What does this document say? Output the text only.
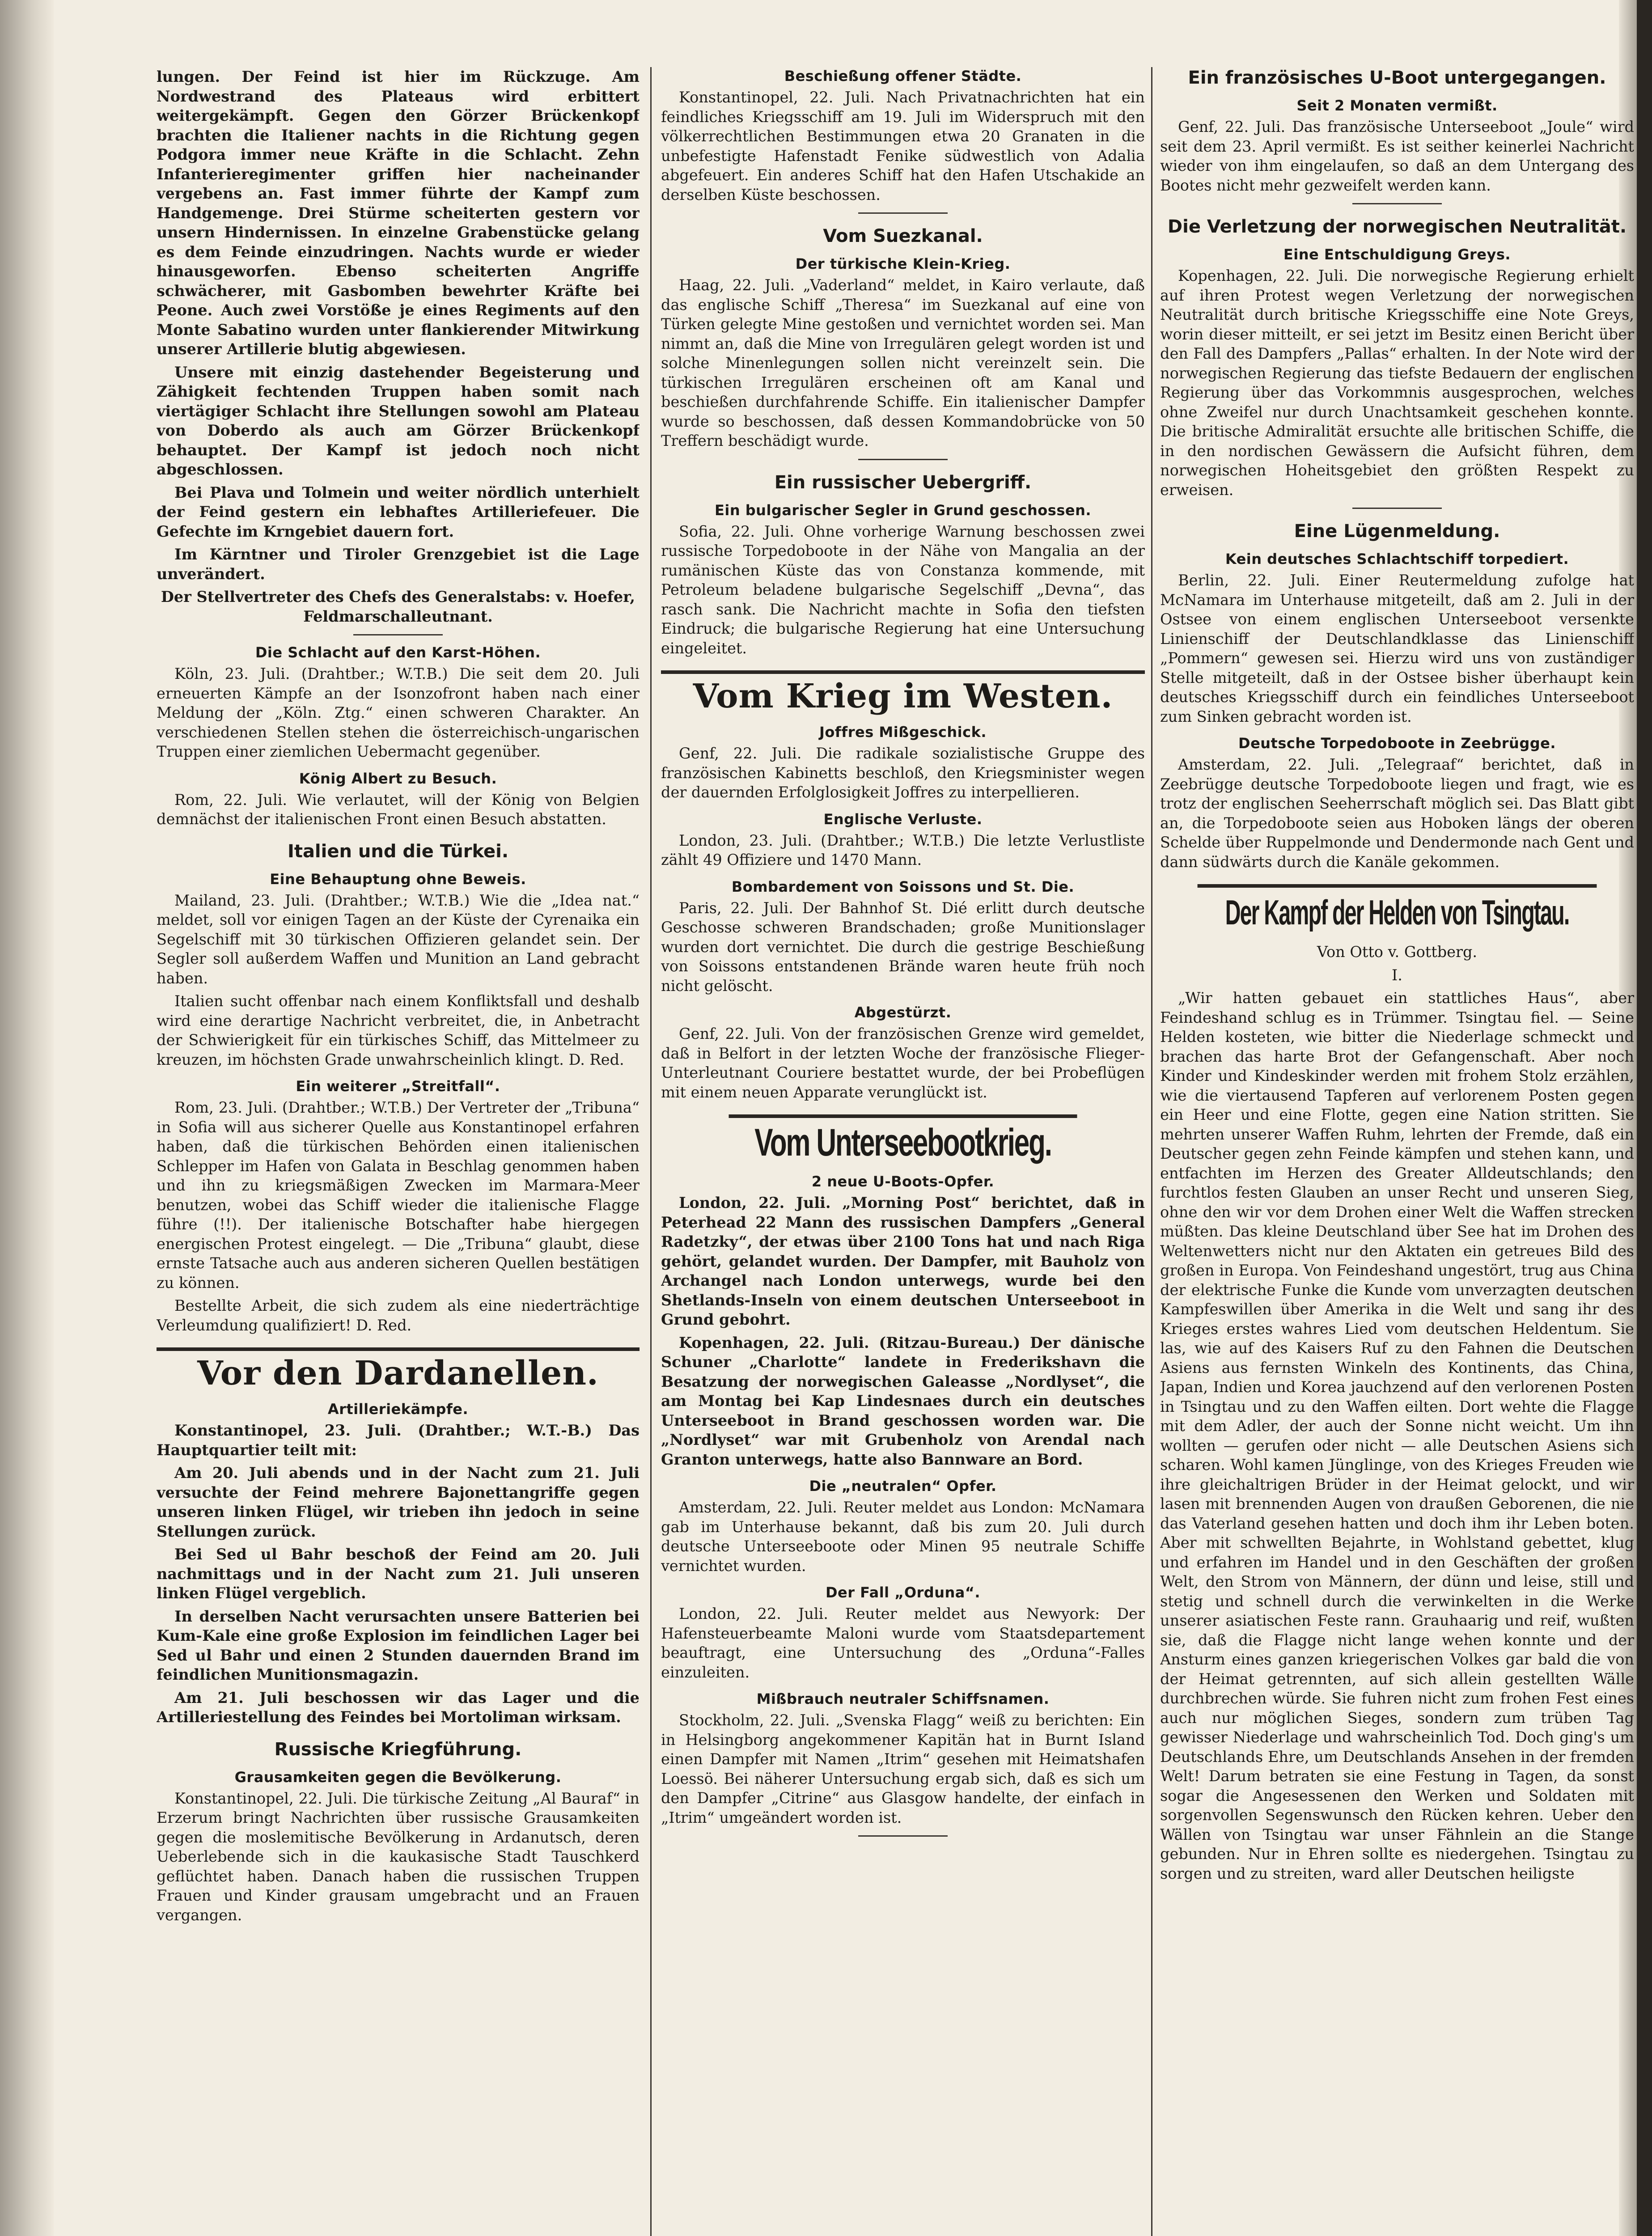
lungen. Der Feind ist hier im Rückzuge. Am Nordwestrand des Plateaus wird erbittert weitergekämpft. Gegen den Görzer Brückenkopf brachten die Italiener nachts in die Richtung gegen Podgora immer neue Kräfte in die Schlacht. Zehn Infanterieregimenter griffen hier nacheinander vergebens an. Fast immer führte der Kampf zum Handgemenge. Drei Stürme scheiterten gestern vor unsern Hindernissen. In einzelne Grabenstücke gelang es dem Feinde einzudringen. Nachts wurde er wieder hinausgeworfen. Ebenso scheiterten Angriffe schwächerer, mit Gasbomben bewehrter Kräfte bei Peone. Auch zwei Vorstöße je eines Regiments auf den Monte Sabatino wurden unter flankierender Mitwirkung unserer Artillerie blutig abgewiesen.

Unsere mit einzig dastehender Begeisterung und Zähigkeit fechtenden Truppen haben somit nach viertägiger Schlacht ihre Stellungen sowohl am Plateau von Doberdo als auch am Görzer Brückenkopf behauptet. Der Kampf ist jedoch noch nicht abgeschlossen.

Bei Plava und Tolmein und weiter nördlich unterhielt der Feind gestern ein lebhaftes Artilleriefeuer. Die Gefechte im Krngebiet dauern fort.

Im Kärntner und Tiroler Grenzgebiet ist die Lage unverändert.

Der Stellvertreter des Chefs des Generalstabs: v. Hoefer, Feldmarschalleutnant.

Die Schlacht auf den Karst-Höhen.

Köln, 23. Juli. (Drahtber.; W.T.B.) Die seit dem 20. Juli erneuerten Kämpfe an der Isonzofront haben nach einer Meldung der „Köln. Ztg.“ einen schweren Charakter. An verschiedenen Stellen stehen die österreichisch-ungarischen Truppen einer ziemlichen Uebermacht gegenüber.

König Albert zu Besuch.

Rom, 22. Juli. Wie verlautet, will der König von Belgien demnächst der italienischen Front einen Besuch abstatten.

Italien und die Türkei.
Eine Behauptung ohne Beweis.

Mailand, 23. Juli. (Drahtber.; W.T.B.) Wie die „Idea nat.“ meldet, soll vor einigen Tagen an der Küste der Cyrenaika ein Segelschiff mit 30 türkischen Offizieren gelandet sein. Der Segler soll außerdem Waffen und Munition an Land gebracht haben.

Italien sucht offenbar nach einem Konfliktsfall und deshalb wird eine derartige Nachricht verbreitet, die, in Anbetracht der Schwierigkeit für ein türkisches Schiff, das Mittelmeer zu kreuzen, im höchsten Grade unwahrscheinlich klingt. D. Red.

Ein weiterer „Streitfall“.

Rom, 23. Juli. (Drahtber.; W.T.B.) Der Vertreter der „Tribuna“ in Sofia will aus sicherer Quelle aus Konstantinopel erfahren haben, daß die türkischen Behörden einen italienischen Schlepper im Hafen von Galata in Beschlag genommen haben und ihn zu kriegsmäßigen Zwecken im Marmara-Meer benutzen, wobei das Schiff wieder die italienische Flagge führe (!!). Der italienische Botschafter habe hiergegen energischen Protest eingelegt. — Die „Tribuna“ glaubt, diese ernste Tatsache auch aus anderen sicheren Quellen bestätigen zu können.

Bestellte Arbeit, die sich zudem als eine niederträchtige Verleumdung qualifiziert! D. Red.

Vor den Dardanellen.
Artilleriekämpfe.

Konstantinopel, 23. Juli. (Drahtber.; W.T.-B.) Das Hauptquartier teilt mit:

Am 20. Juli abends und in der Nacht zum 21. Juli versuchte der Feind mehrere Bajonettangriffe gegen unseren linken Flügel, wir trieben ihn jedoch in seine Stellungen zurück.

Bei Sed ul Bahr beschoß der Feind am 20. Juli nachmittags und in der Nacht zum 21. Juli unseren linken Flügel vergeblich.

In derselben Nacht verursachten unsere Batterien bei Kum-Kale eine große Explosion im feindlichen Lager bei Sed ul Bahr und einen 2 Stunden dauernden Brand im feindlichen Munitionsmagazin.

Am 21. Juli beschossen wir das Lager und die Artilleriestellung des Feindes bei Mortoliman wirksam.

Russische Kriegführung.
Grausamkeiten gegen die Bevölkerung.

Konstantinopel, 22. Juli. Die türkische Zeitung „Al Bauraf“ in Erzerum bringt Nachrichten über russische Grausamkeiten gegen die moslemitische Bevölkerung in Ardanutsch, deren Ueberlebende sich in die kaukasische Stadt Tauschkerd geflüchtet haben. Danach haben die russischen Truppen Frauen und Kinder grausam umgebracht und an Frauen vergangen.

Beschießung offener Städte.

Konstantinopel, 22. Juli. Nach Privatnachrichten hat ein feindliches Kriegsschiff am 19. Juli im Widerspruch mit den völkerrechtlichen Bestimmungen etwa 20 Granaten in die unbefestigte Hafenstadt Fenike südwestlich von Adalia abgefeuert. Ein anderes Schiff hat den Hafen Utschakide an derselben Küste beschossen.

Vom Suezkanal.
Der türkische Klein-Krieg.

Haag, 22. Juli. „Vaderland“ meldet, in Kairo verlaute, daß das englische Schiff „Theresa“ im Suezkanal auf eine von Türken gelegte Mine gestoßen und vernichtet worden sei. Man nimmt an, daß die Mine von Irregulären gelegt worden ist und solche Minenlegungen sollen nicht vereinzelt sein. Die türkischen Irregulären erscheinen oft am Kanal und beschießen durchfahrende Schiffe. Ein italienischer Dampfer wurde so beschossen, daß dessen Kommandobrücke von 50 Treffern beschädigt wurde.

Ein russischer Uebergriff.
Ein bulgarischer Segler in Grund geschossen.

Sofia, 22. Juli. Ohne vorherige Warnung beschossen zwei russische Torpedoboote in der Nähe von Mangalia an der rumänischen Küste das von Constanza kommende, mit Petroleum beladene bulgarische Segelschiff „Devna“, das rasch sank. Die Nachricht machte in Sofia den tiefsten Eindruck; die bulgarische Regierung hat eine Untersuchung eingeleitet.

Vom Krieg im Westen.
Joffres Mißgeschick.

Genf, 22. Juli. Die radikale sozialistische Gruppe des französischen Kabinetts beschloß, den Kriegsminister wegen der dauernden Erfolglosigkeit Joffres zu interpellieren.

Englische Verluste.

London, 23. Juli. (Drahtber.; W.T.B.) Die letzte Verlustliste zählt 49 Offiziere und 1470 Mann.

Bombardement von Soissons und St. Die.

Paris, 22. Juli. Der Bahnhof St. Dié erlitt durch deutsche Geschosse schweren Brandschaden; große Munitionslager wurden dort vernichtet. Die durch die gestrige Beschießung von Soissons entstandenen Brände waren heute früh noch nicht gelöscht.

Abgestürzt.

Genf, 22. Juli. Von der französischen Grenze wird gemeldet, daß in Belfort in der letzten Woche der französische Flieger-Unterleutnant Couriere bestattet wurde, der bei Probeflügen mit einem neuen Apparate verunglückt ist.

Vom Unterseebootkrieg.
2 neue U-Boots-Opfer.

London, 22. Juli. „Morning Post“ berichtet, daß in Peterhead 22 Mann des russischen Dampfers „General Radetzky“, der etwas über 2100 Tons hat und nach Riga gehört, gelandet wurden. Der Dampfer, mit Bauholz von Archangel nach London unterwegs, wurde bei den Shetlands-Inseln von einem deutschen Unterseeboot in Grund gebohrt.

Kopenhagen, 22. Juli. (Ritzau-Bureau.) Der dänische Schuner „Charlotte“ landete in Frederikshavn die Besatzung der norwegischen Galeasse „Nordlyset“, die am Montag bei Kap Lindesnaes durch ein deutsches Unterseeboot in Brand geschossen worden war. Die „Nordlyset“ war mit Grubenholz von Arendal nach Granton unterwegs, hatte also Bannware an Bord.

Die „neutralen“ Opfer.

Amsterdam, 22. Juli. Reuter meldet aus London: McNamara gab im Unterhause bekannt, daß bis zum 20. Juli durch deutsche Unterseeboote oder Minen 95 neutrale Schiffe vernichtet wurden.

Der Fall „Orduna“.

London, 22. Juli. Reuter meldet aus Newyork: Der Hafensteuerbeamte Maloni wurde vom Staatsdepartement beauftragt, eine Untersuchung des „Orduna“-Falles einzuleiten.

Mißbrauch neutraler Schiffsnamen.

Stockholm, 22. Juli. „Svenska Flagg“ weiß zu berichten: Ein in Helsingborg angekommener Kapitän hat in Burnt Island einen Dampfer mit Namen „Itrim“ gesehen mit Heimatshafen Loessö. Bei näherer Untersuchung ergab sich, daß es sich um den Dampfer „Citrine“ aus Glasgow handelte, der einfach in „Itrim“ umgeändert worden ist.

Ein französisches U-Boot untergegangen.
Seit 2 Monaten vermißt.

Genf, 22. Juli. Das französische Unterseeboot „Joule“ wird seit dem 23. April vermißt. Es ist seither keinerlei Nachricht wieder von ihm eingelaufen, so daß an dem Untergang des Bootes nicht mehr gezweifelt werden kann.

Die Verletzung der norwegischen Neutralität.
Eine Entschuldigung Greys.

Kopenhagen, 22. Juli. Die norwegische Regierung erhielt auf ihren Protest wegen Verletzung der norwegischen Neutralität durch britische Kriegsschiffe eine Note Greys, worin dieser mitteilt, er sei jetzt im Besitz einen Bericht über den Fall des Dampfers „Pallas“ erhalten. In der Note wird der norwegischen Regierung das tiefste Bedauern der englischen Regierung über das Vorkommnis ausgesprochen, welches ohne Zweifel nur durch Unachtsamkeit geschehen konnte. Die britische Admiralität ersuchte alle britischen Schiffe, die in den nordischen Gewässern die Aufsicht führen, dem norwegischen Hoheitsgebiet den größten Respekt zu erweisen.

Eine Lügenmeldung.
Kein deutsches Schlachtschiff torpediert.

Berlin, 22. Juli. Einer Reutermeldung zufolge hat McNamara im Unterhause mitgeteilt, daß am 2. Juli in der Ostsee von einem englischen Unterseeboot versenkte Linienschiff der Deutschlandklasse das Linienschiff „Pommern“ gewesen sei. Hierzu wird uns von zuständiger Stelle mitgeteilt, daß in der Ostsee bisher überhaupt kein deutsches Kriegsschiff durch ein feindliches Unterseeboot zum Sinken gebracht worden ist.

Deutsche Torpedoboote in Zeebrügge.

Amsterdam, 22. Juli. „Telegraaf“ berichtet, daß in Zeebrügge deutsche Torpedoboote liegen und fragt, wie es trotz der englischen Seeherrschaft möglich sei. Das Blatt gibt an, die Torpedoboote seien aus Hoboken längs der oberen Schelde über Ruppelmonde und Dendermonde nach Gent und dann südwärts durch die Kanäle gekommen.

Der Kampf der Helden von Tsingtau.

Von Otto v. Gottberg.

I.

„Wir hatten gebauet ein stattliches Haus“, aber Feindeshand schlug es in Trümmer. Tsingtau fiel. — Seine Helden kosteten, wie bitter die Niederlage schmeckt und brachen das harte Brot der Gefangenschaft. Aber noch Kinder und Kindeskinder werden mit frohem Stolz erzählen, wie die viertausend Tapferen auf verlorenem Posten gegen ein Heer und eine Flotte, gegen eine Nation stritten. Sie mehrten unserer Waffen Ruhm, lehrten der Fremde, daß ein Deutscher gegen zehn Feinde kämpfen und stehen kann, und entfachten im Herzen des Greater Alldeutschlands; den furchtlos festen Glauben an unser Recht und unseren Sieg, ohne den wir vor dem Drohen einer Welt die Waffen strecken müßten. Das kleine Deutschland über See hat im Drohen des Weltenwetters nicht nur den Aktaten ein getreues Bild des großen in Europa. Von Feindeshand ungestört, trug aus China der elektrische Funke die Kunde vom unverzagten deutschen Kampfeswillen über Amerika in die Welt und sang ihr des Krieges erstes wahres Lied vom deutschen Heldentum. Sie las, wie auf des Kaisers Ruf zu den Fahnen die Deutschen Asiens aus fernsten Winkeln des Kontinents, das China, Japan, Indien und Korea jauchzend auf den verlorenen Posten in Tsingtau und zu den Waffen eilten. Dort wehte die Flagge mit dem Adler, der auch der Sonne nicht weicht. Um ihn wollten — gerufen oder nicht — alle Deutschen Asiens sich scharen. Wohl kamen Jünglinge, von des Krieges Freuden wie ihre gleichaltrigen Brüder in der Heimat gelockt, und wir lasen mit brennenden Augen von draußen Geborenen, die nie das Vaterland gesehen hatten und doch ihm ihr Leben boten. Aber mit schwellten Bejahrte, in Wohlstand gebettet, klug und erfahren im Handel und in den Geschäften der großen Welt, den Strom von Männern, der dünn und leise, still und stetig und schnell durch die verwinkelten in die Werke unserer asiatischen Feste rann. Grauhaarig und reif, wußten sie, daß die Flagge nicht lange wehen konnte und der Ansturm eines ganzen kriegerischen Volkes gar bald die von der Heimat getrennten, auf sich allein gestellten Wälle durchbrechen würde. Sie fuhren nicht zum frohen Fest eines auch nur möglichen Sieges, sondern zum trüben Tag gewisser Niederlage und wahrscheinlich Tod. Doch ging's um Deutschlands Ehre, um Deutschlands Ansehen in der fremden Welt! Darum betraten sie eine Festung in Tagen, da sonst sogar die Angesessenen den Werken und Soldaten mit sorgenvollen Segenswunsch den Rücken kehren. Ueber den Wällen von Tsingtau war unser Fähnlein an die Stange gebunden. Nur in Ehren sollte es niedergehen. Tsingtau zu sorgen und zu streiten, ward aller Deutschen heiligste
